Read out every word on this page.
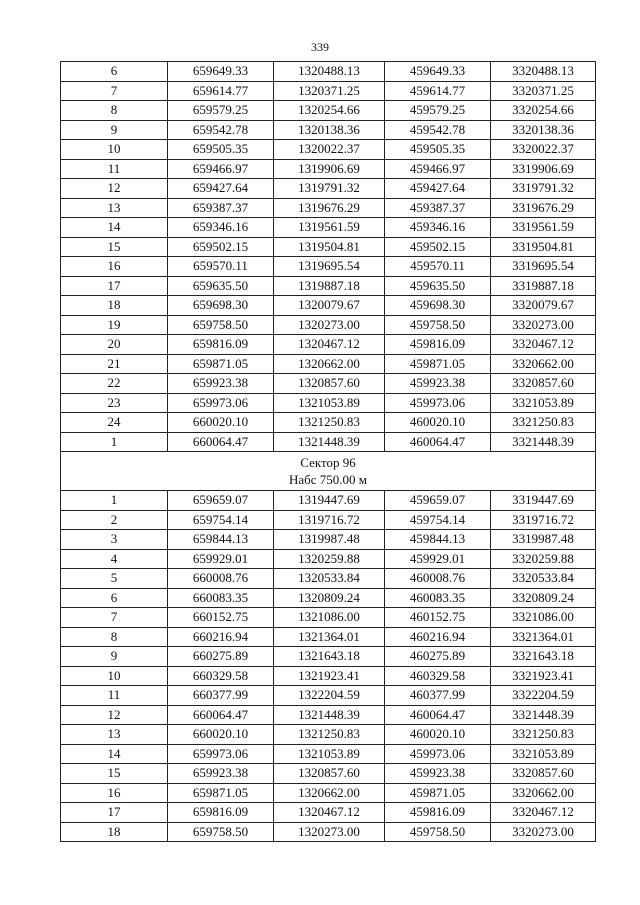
339
6	659649.33	1320488.13	459649.33	3320488.13
7	659614.77	1320371.25	459614.77	3320371.25
8	659579.25	1320254.66	459579.25	3320254.66
9	659542.78	1320138.36	459542.78	3320138.36
10	659505.35	1320022.37	459505.35	3320022.37
11	659466.97	1319906.69	459466.97	3319906.69
12	659427.64	1319791.32	459427.64	3319791.32
13	659387.37	1319676.29	459387.37	3319676.29
14	659346.16	1319561.59	459346.16	3319561.59
15	659502.15	1319504.81	459502.15	3319504.81
16	659570.11	1319695.54	459570.11	3319695.54
17	659635.50	1319887.18	459635.50	3319887.18
18	659698.30	1320079.67	459698.30	3320079.67
19	659758.50	1320273.00	459758.50	3320273.00
20	659816.09	1320467.12	459816.09	3320467.12
21	659871.05	1320662.00	459871.05	3320662.00
22	659923.38	1320857.60	459923.38	3320857.60
23	659973.06	1321053.89	459973.06	3321053.89
24	660020.10	1321250.83	460020.10	3321250.83
1	660064.47	1321448.39	460064.47	3321448.39

Сектор 96
Набс 750.00 м				

1	659659.07	1319447.69	459659.07	3319447.69
2	659754.14	1319716.72	459754.14	3319716.72
3	659844.13	1319987.48	459844.13	3319987.48
4	659929.01	1320259.88	459929.01	3320259.88
5	660008.76	1320533.84	460008.76	3320533.84
6	660083.35	1320809.24	460083.35	3320809.24
7	660152.75	1321086.00	460152.75	3321086.00
8	660216.94	1321364.01	460216.94	3321364.01
9	660275.89	1321643.18	460275.89	3321643.18
10	660329.58	1321923.41	460329.58	3321923.41
11	660377.99	1322204.59	460377.99	3322204.59
12	660064.47	1321448.39	460064.47	3321448.39
13	660020.10	1321250.83	460020.10	3321250.83
14	659973.06	1321053.89	459973.06	3321053.89
15	659923.38	1320857.60	459923.38	3320857.60
16	659871.05	1320662.00	459871.05	3320662.00
17	659816.09	1320467.12	459816.09	3320467.12
18	659758.50	1320273.00	459758.50	3320273.00
